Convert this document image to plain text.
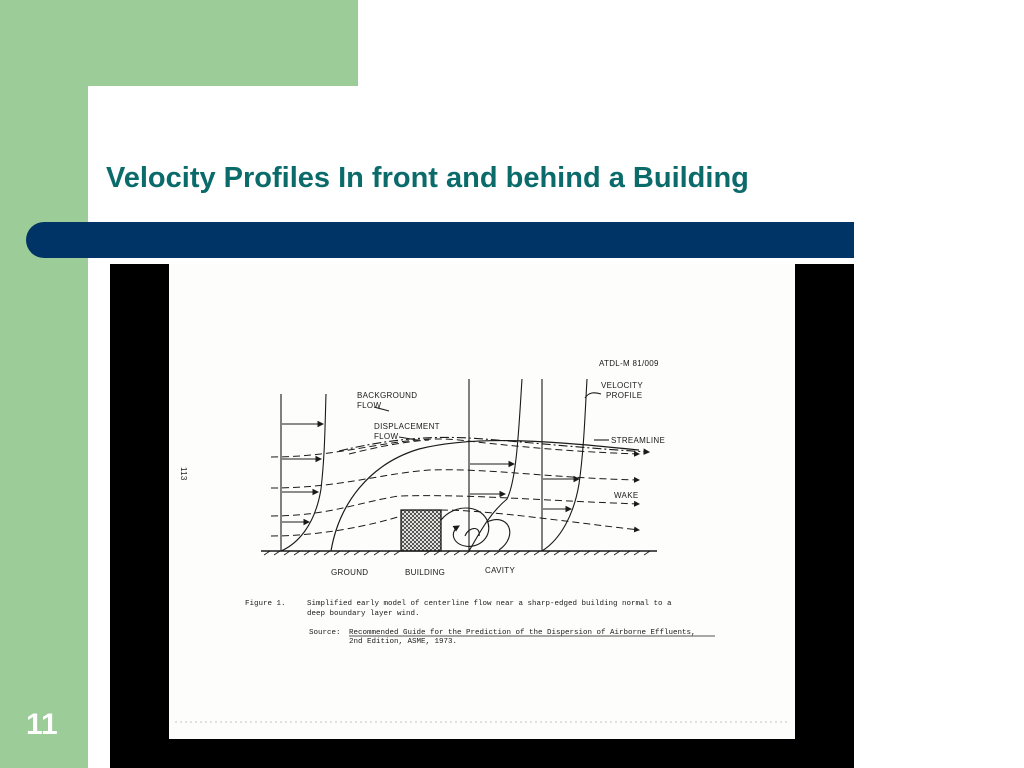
Velocity Profiles In front and behind a Building
ATDL-M 81/009
BACKGROUND
FLOW
DISPLACEMENT
FLOW
VELOCITY
PROFILE
STREAMLINE
WAKE
GROUND	BUILDING	CAVITY
113
Figure 1.	Simplified early model of centerline flow near a sharp-edged building normal to a
deep boundary layer wind.
Source: Recommended Guide for the Prediction of the Dispersion of Airborne Effluents,
2nd Edition, ASME, 1973.
11
